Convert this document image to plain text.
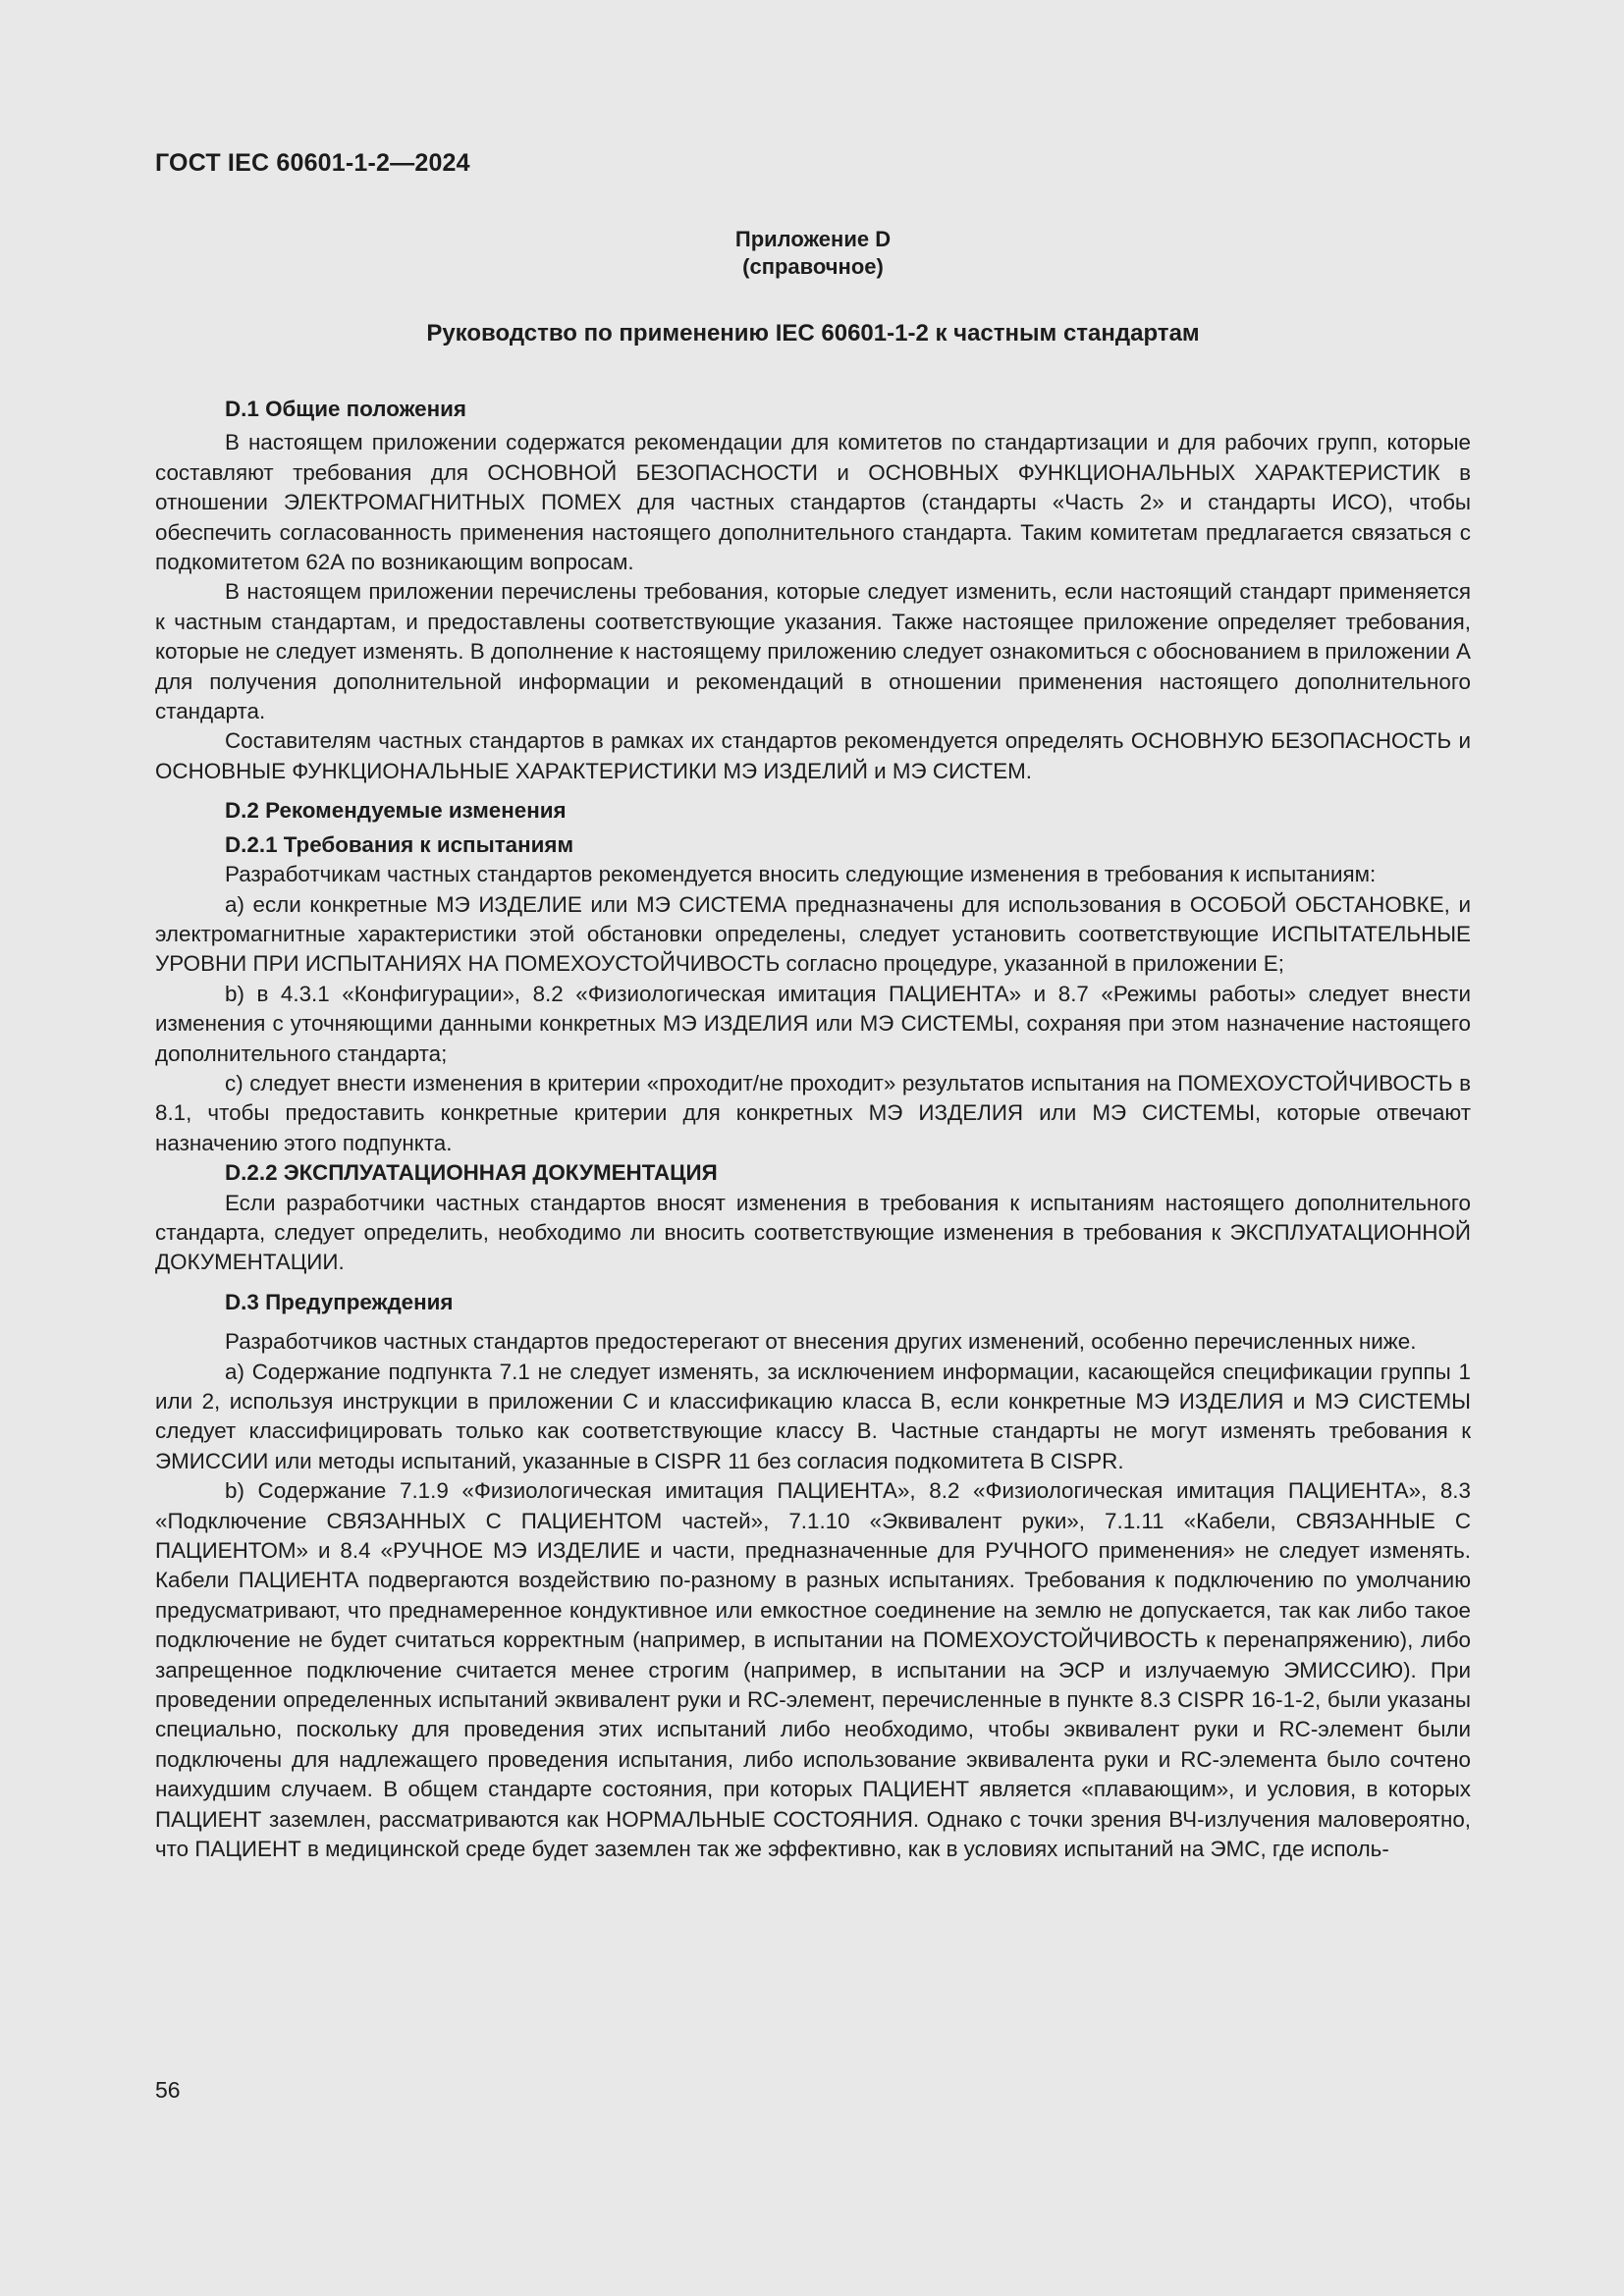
ГОСТ IEC 60601-1-2—2024
Приложение D
(справочное)
Руководство по применению IEC 60601-1-2 к частным стандартам
D.1 Общие положения

В настоящем приложении содержатся рекомендации для комитетов по стандартизации и для рабочих групп, которые составляют требования для ОСНОВНОЙ БЕЗОПАСНОСТИ и ОСНОВНЫХ ФУНКЦИОНАЛЬНЫХ ХАРАКТЕРИСТИК в отношении ЭЛЕКТРОМАГНИТНЫХ ПОМЕХ для частных стандартов (стандарты «Часть 2» и стандарты ИСО), чтобы обеспечить согласованность применения настоящего дополнительного стандарта. Таким комитетам предлагается связаться с подкомитетом 62А по возникающим вопросам.

В настоящем приложении перечислены требования, которые следует изменить, если настоящий стандарт применяется к частным стандартам, и предоставлены соответствующие указания. Также настоящее приложение определяет требования, которые не следует изменять. В дополнение к настоящему приложению следует ознакомиться с обоснованием в приложении А для получения дополнительной информации и рекомендаций в отношении применения настоящего дополнительного стандарта.

Составителям частных стандартов в рамках их стандартов рекомендуется определять ОСНОВНУЮ БЕЗОПАСНОСТЬ и ОСНОВНЫЕ ФУНКЦИОНАЛЬНЫЕ ХАРАКТЕРИСТИКИ МЭ ИЗДЕЛИЙ и МЭ СИСТЕМ.

D.2 Рекомендуемые изменения
D.2.1 Требования к испытаниям

Разработчикам частных стандартов рекомендуется вносить следующие изменения в требования к испытаниям:

а) если конкретные МЭ ИЗДЕЛИЕ или МЭ СИСТЕМА предназначены для использования в ОСОБОЙ ОБСТАНОВКЕ, и электромагнитные характеристики этой обстановки определены, следует установить соответствующие ИСПЫТАТЕЛЬНЫЕ УРОВНИ ПРИ ИСПЫТАНИЯХ НА ПОМЕХОУСТОЙЧИВОСТЬ согласно процедуре, указанной в приложении Е;

b) в 4.3.1 «Конфигурации», 8.2 «Физиологическая имитация ПАЦИЕНТА» и 8.7 «Режимы работы» следует внести изменения с уточняющими данными конкретных МЭ ИЗДЕЛИЯ или МЭ СИСТЕМЫ, сохраняя при этом назначение настоящего дополнительного стандарта;

c) следует внести изменения в критерии «проходит/не проходит» результатов испытания на ПОМЕХОУСТОЙЧИВОСТЬ в 8.1, чтобы предоставить конкретные критерии для конкретных МЭ ИЗДЕЛИЯ или МЭ СИСТЕМЫ, которые отвечают назначению этого подпункта.

D.2.2 ЭКСПЛУАТАЦИОННАЯ ДОКУМЕНТАЦИЯ

Если разработчики частных стандартов вносят изменения в требования к испытаниям настоящего дополнительного стандарта, следует определить, необходимо ли вносить соответствующие изменения в требования к ЭКСПЛУАТАЦИОННОЙ ДОКУМЕНТАЦИИ.

D.3 Предупреждения

Разработчиков частных стандартов предостерегают от внесения других изменений, особенно перечисленных ниже.

а) Содержание подпункта 7.1 не следует изменять, за исключением информации, касающейся спецификации группы 1 или 2, используя инструкции в приложении С и классификацию класса В, если конкретные МЭ ИЗДЕЛИЯ и МЭ СИСТЕМЫ следует классифицировать только как соответствующие классу В. Частные стандарты не могут изменять требования к ЭМИССИИ или методы испытаний, указанные в CISPR 11 без согласия подкомитета В CISPR.

b) Содержание 7.1.9 «Физиологическая имитация ПАЦИЕНТА», 8.2 «Физиологическая имитация ПАЦИЕНТА», 8.3 «Подключение СВЯЗАННЫХ С ПАЦИЕНТОМ частей», 7.1.10 «Эквивалент руки», 7.1.11 «Кабели, СВЯЗАННЫЕ С ПАЦИЕНТОМ» и 8.4 «РУЧНОЕ МЭ ИЗДЕЛИЕ и части, предназначенные для РУЧНОГО применения» не следует изменять. Кабели ПАЦИЕНТА подвергаются воздействию по-разному в разных испытаниях. Требования к подключению по умолчанию предусматривают, что преднамеренное кондуктивное или емкостное соединение на землю не допускается, так как либо такое подключение не будет считаться корректным (например, в испытании на ПОМЕХОУСТОЙЧИВОСТЬ к перенапряжению), либо запрещенное подключение считается менее строгим (например, в испытании на ЭСР и излучаемую ЭМИССИЮ). При проведении определенных испытаний эквивалент руки и RC-элемент, перечисленные в пункте 8.3 CISPR 16-1-2, были указаны специально, поскольку для проведения этих испытаний либо необходимо, чтобы эквивалент руки и RC-элемент были подключены для надлежащего проведения испытания, либо использование эквивалента руки и RC-элемента было сочтено наихудшим случаем. В общем стандарте состояния, при которых ПАЦИЕНТ является «плавающим», и условия, в которых ПАЦИЕНТ заземлен, рассматриваются как НОРМАЛЬНЫЕ СОСТОЯНИЯ. Однако с точки зрения ВЧ-излучения маловероятно, что ПАЦИЕНТ в медицинской среде будет заземлен так же эффективно, как в условиях испытаний на ЭМС, где исполь-

56
